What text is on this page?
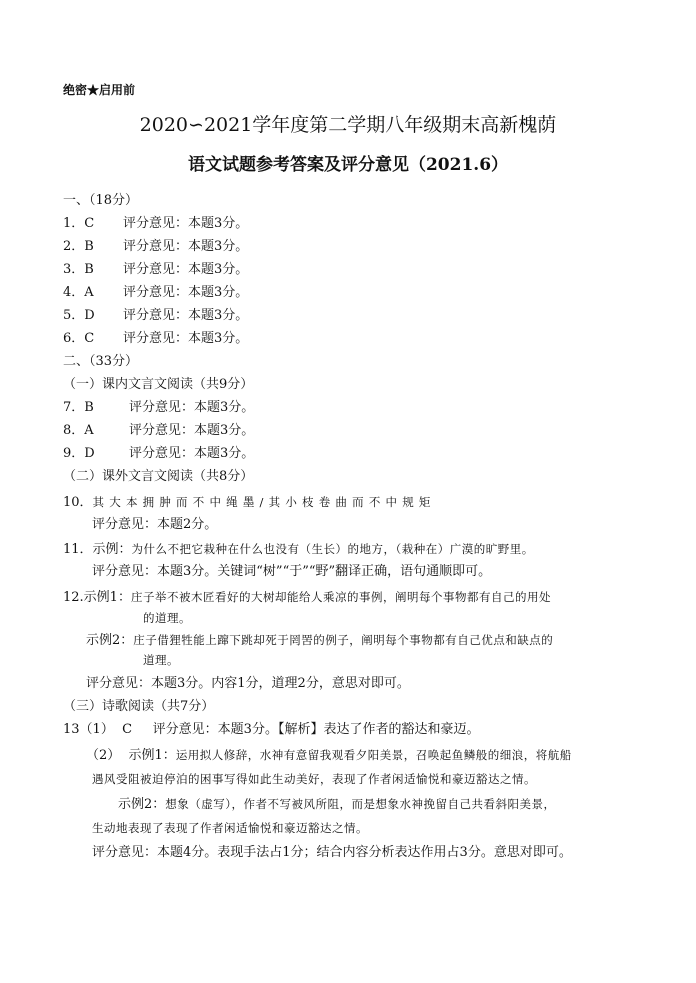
绝密★启用前
2020∽2021学年度第二学期八年级期末高新槐荫
语文试题参考答案及评分意见（2021.6）
一、（18分）
1．C 评分意见：本题3分。
2．B 评分意见：本题3分。
3．B 评分意见：本题3分。
4．A 评分意见：本题3分。
5．D 评分意见：本题3分。
6．C 评分意见：本题3分。
二、（33分）
（一）课内文言文阅读（共9分）
7．B	评分意见：本题3分。
8．A	评分意见：本题3分。
9．D	评分意见：本题3分。
（二）课外文言文阅读（共8分）
10．其大本拥肿而不中绳墨/其小枝卷曲而不中规矩
评分意见：本题2分。
11．示例：为什么不把它栽种在什么也没有（生长）的地方，（栽种在）广漠的旷野里。
评分意见：本题3分。关键词“树”“于”“野”翻译正确，语句通顺即可。
12.示例1：庄子举不被木匠看好的大树却能给人乘凉的事例，阐明每个事物都有自己的用处
的道理。
示例2：庄子借狸牲能上蹿下跳却死于罔罟的例子，阐明每个事物都有自己优点和缺点的
道理。
评分意见：本题3分。内容1分，道理2分，意思对即可。
（三）诗歌阅读（共7分）
13（1）  C     评分意见：本题3分。【解析】表达了作者的豁达和豪迈。
（2）  示例1：运用拟人修辞，水神有意留我观看夕阳美景，召唤起鱼鳞般的细浪，将航船
遇风受阻被迫停泊的困事写得如此生动美好，表现了作者闲适愉悦和豪迈豁达之情。
示例2：想象（虚写），作者不写被风所阻，而是想象水神挽留自己共看斜阳美景，
生动地表现了表现了作者闲适愉悦和豪迈豁达之情。
评分意见：本题4分。表现手法占1分；结合内容分析表达作用占3分。意思对即可。
